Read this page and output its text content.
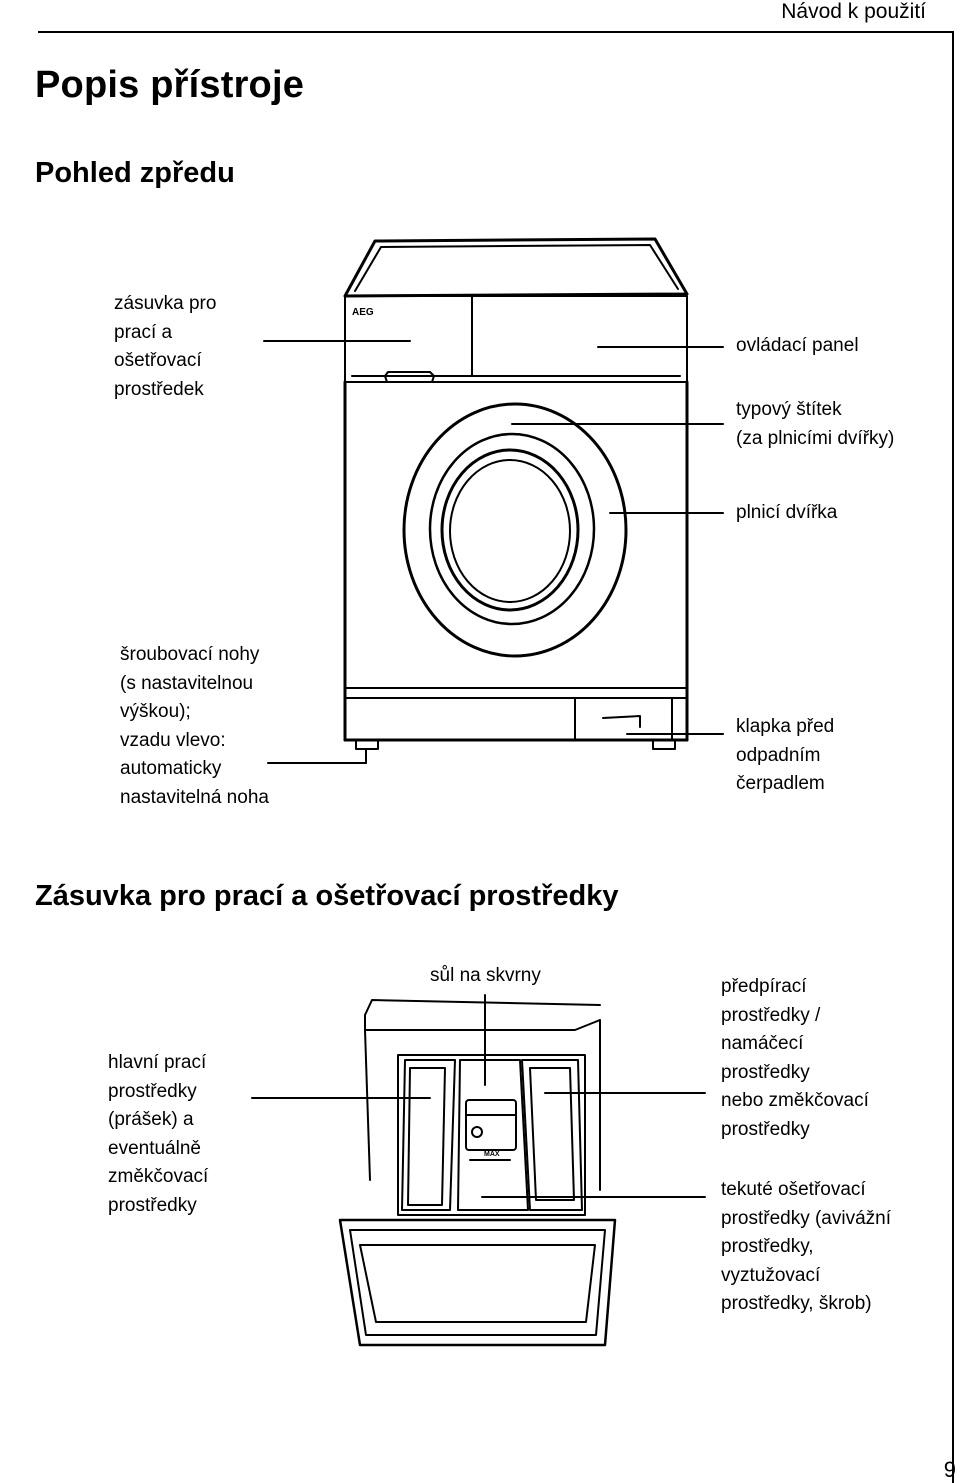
Návod k použití
Popis přístroje
Pohled zpředu
AEG
zásuvka pro
prací a
ošetřovací
prostředek
ovládací panel
typový štítek
(za plnicími dvířky)
plnicí dvířka
šroubovací nohy
(s nastavitelnou
výškou);
vzadu vlevo:
automaticky
nastavitelná noha
klapka před
odpadním
čerpadlem
Zásuvka pro prací a ošetřovací prostředky
MAX
sůl na skvrny
hlavní prací
prostředky
(prášek) a
eventuálně
změkčovací
prostředky
předpírací
prostředky /
namáčecí
prostředky
nebo změkčovací
prostředky
tekuté ošetřovací
prostředky (avivážní
prostředky,
vyztužovací
prostředky, škrob)
9
